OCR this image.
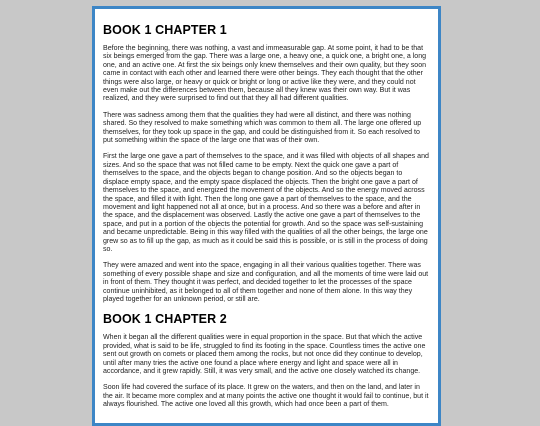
BOOK 1 CHAPTER 1

Before the beginning, there was nothing, a vast and immeasurable gap. At some point, it had to be that six beings emerged from the gap. There was a large one, a heavy one, a quick one, a bright one, a long one, and an active one. At first the six beings only knew themselves and their own quality, but they soon came in contact with each other and learned there were other beings. They each thought that the other things were also large, or heavy or quick or bright or long or active like they were, and they could not even make out the differences between them, because all they knew was their own way. But it was realized, and they were surprised to find out that they all had different qualities.

There was sadness among them that the qualities they had were all distinct, and there was nothing shared. So they resolved to make something which was common to them all. The large one offered up themselves, for they took up space in the gap, and could be distinguished from it. So each resolved to put something within the space of the large one that was of their own.

First the large one gave a part of themselves to the space, and it was filled with objects of all shapes and sizes. And so the space that was not filled came to be empty. Next the quick one gave a part of themselves to the space, and the objects began to change position. And so the objects began to displace empty space, and the empty space displaced the objects. Then the bright one gave a part of themselves to the space, and energized the movement of the objects. And so the energy moved across the space, and filled it with light. Then the long one gave a part of themselves to the space, and the movement and light happened not all at once, but in a process. And so there was a before and after in the space, and the displacement was observed. Lastly the active one gave a part of themselves to the space, and put in a portion of the objects the potential for growth. And so the space was self-sustaining and became unpredictable. Being in this way filled with the qualities of all the other beings, the large one grew so as to fill up the gap, as much as it could be said this is possible, or is still in the process of doing so.

They were amazed and went into the space, engaging in all their various qualities together. There was something of every possible shape and size and configuration, and all the moments of time were laid out in front of them. They thought it was perfect, and decided together to let the processes of the space continue uninhibited, as it belonged to all of them together and none of them alone. In this way they played together for an unknown period, or still are.

BOOK 1 CHAPTER 2

When it began all the different qualities were in equal proportion in the space. But that which the active provided, what is said to be life, struggled to find its footing in the space. Countless times the active one sent out growth on comets or placed them among the rocks, but not once did they continue to develop, until after many tries the active one found a place where energy and light and space were all in accordance, and it grew rapidly. Still, it was very small, and the active one closely watched its change.

Soon life had covered the surface of its place. It grew on the waters, and then on the land, and later in the air. It became more complex and at many points the active one thought it would fail to continue, but it always flourished. The active one loved all this growth, which had once been a part of them.
